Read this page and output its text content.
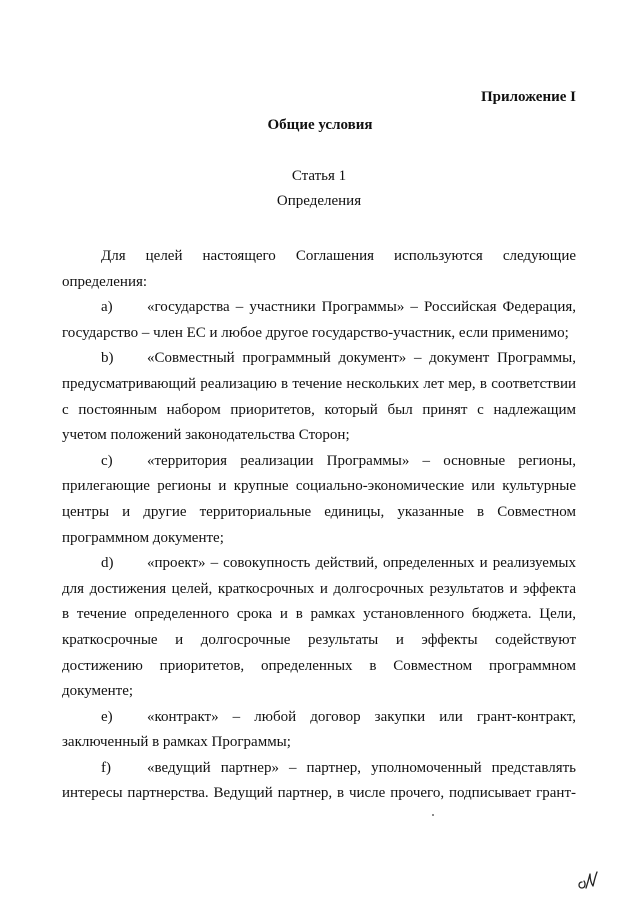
Приложение I
Общие условия
Статья 1
Определения

Для целей настоящего Соглашения используются следующие
определения:

a) «государства – участники Программы» – Российская Федерация,
государство – член ЕС и любое другое государство-участник, если применимо;

b) «Совместный программный документ» – документ Программы,
предусматривающий реализацию в течение нескольких лет мер, в соответствии
с постоянным набором приоритетов, который был принят с надлежащим
учетом положений законодательства Сторон;

c) «территория реализации Программы» – основные регионы,
прилегающие регионы и крупные социально-экономические или культурные
центры и другие территориальные единицы, указанные в Совместном
программном документе;

d) «проект» – совокупность действий, определенных и реализуемых
для достижения целей, краткосрочных и долгосрочных результатов и эффекта
в течение определенного срока и в рамках установленного бюджета. Цели,
краткосрочные и долгосрочные результаты и эффекты содействуют
достижению приоритетов, определенных в Совместном программном
документе;

e) «контракт» – любой договор закупки или грант-контракт,
заключенный в рамках Программы;

f) «ведущий партнер» – партнер, уполномоченный представлять
интересы партнерства. Ведущий партнер, в числе прочего, подписывает грант-
